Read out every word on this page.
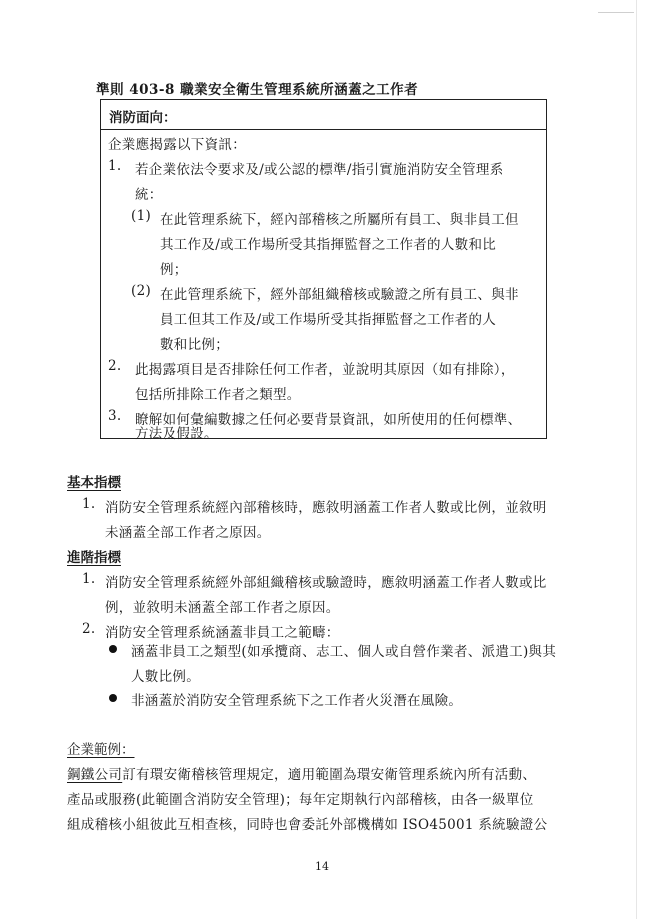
準則 403-8 職業安全衛生管理系統所涵蓋之工作者
消防面向：
企業應揭露以下資訊：
1. 若企業依法令要求及/或公認的標準/指引實施消防安全管理系
統：
(1) 在此管理系統下，經內部稽核之所屬所有員工、與非員工但
其工作及/或工作場所受其指揮監督之工作者的人數和比
例；
(2) 在此管理系統下，經外部組織稽核或驗證之所有員工、與非
員工但其工作及/或工作場所受其指揮監督之工作者的人
數和比例；
2. 此揭露項目是否排除任何工作者，並說明其原因（如有排除），
包括所排除工作者之類型。
3. 瞭解如何彙編數據之任何必要背景資訊，如所使用的任何標準、
方法及假設。
基本指標
1. 消防安全管理系統經內部稽核時，應敘明涵蓋工作者人數或比例，並敘明
未涵蓋全部工作者之原因。
進階指標
1. 消防安全管理系統經外部組織稽核或驗證時，應敘明涵蓋工作者人數或比
例，並敘明未涵蓋全部工作者之原因。
2. 消防安全管理系統涵蓋非員工之範疇：
涵蓋非員工之類型(如承攬商、志工、個人或自營作業者、派遣工)與其
人數比例。
非涵蓋於消防安全管理系統下之工作者火災潛在風險。
企業範例：
鋼鐵公司訂有環安衛稽核管理規定，適用範圍為環安衛管理系統內所有活動、
產品或服務(此範圍含消防安全管理)；每年定期執行內部稽核，由各一級單位
組成稽核小組彼此互相查核，同時也會委託外部機構如 ISO45001 系統驗證公
14
